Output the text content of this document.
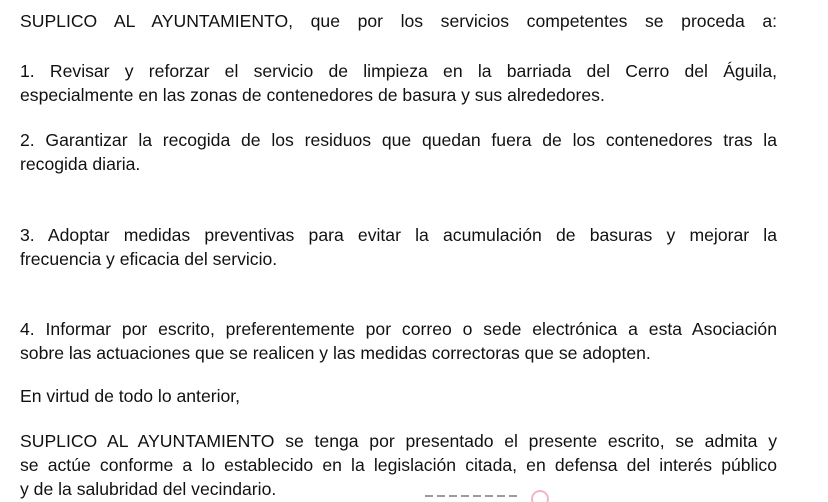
SUPLICO AL AYUNTAMIENTO, que por los servicios competentes se proceda a:

1. Revisar y reforzar el servicio de limpieza en la barriada del Cerro del Águila,
especialmente en las zonas de contenedores de basura y sus alrededores.

2. Garantizar la recogida de los residuos que quedan fuera de los contenedores tras la
recogida diaria.

3. Adoptar medidas preventivas para evitar la acumulación de basuras y mejorar la
frecuencia y eficacia del servicio.

4. Informar por escrito, preferentemente por correo o sede electrónica a esta Asociación
sobre las actuaciones que se realicen y las medidas correctoras que se adopten.

En virtud de todo lo anterior,

SUPLICO AL AYUNTAMIENTO se tenga por presentado el presente escrito, se admita y
se actúe conforme a lo establecido en la legislación citada, en defensa del interés público
y de la salubridad del vecindario.
